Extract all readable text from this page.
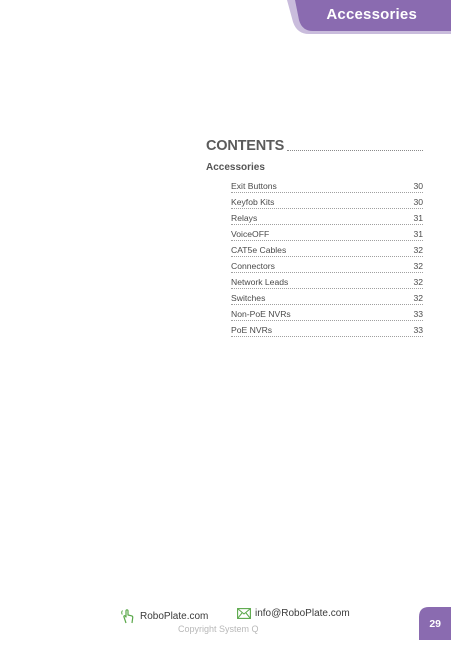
Accessories
CONTENTS
Accessories
Exit Buttons	30
Keyfob Kits	30
Relays	31
VoiceOFF	31
CAT5e Cables	32
Connectors	32
Network Leads	32
Switches	32
Non-PoE NVRs	33
PoE NVRs	33
RoboPlate.com	info@RoboPlate.com
Copyright System Q	29
